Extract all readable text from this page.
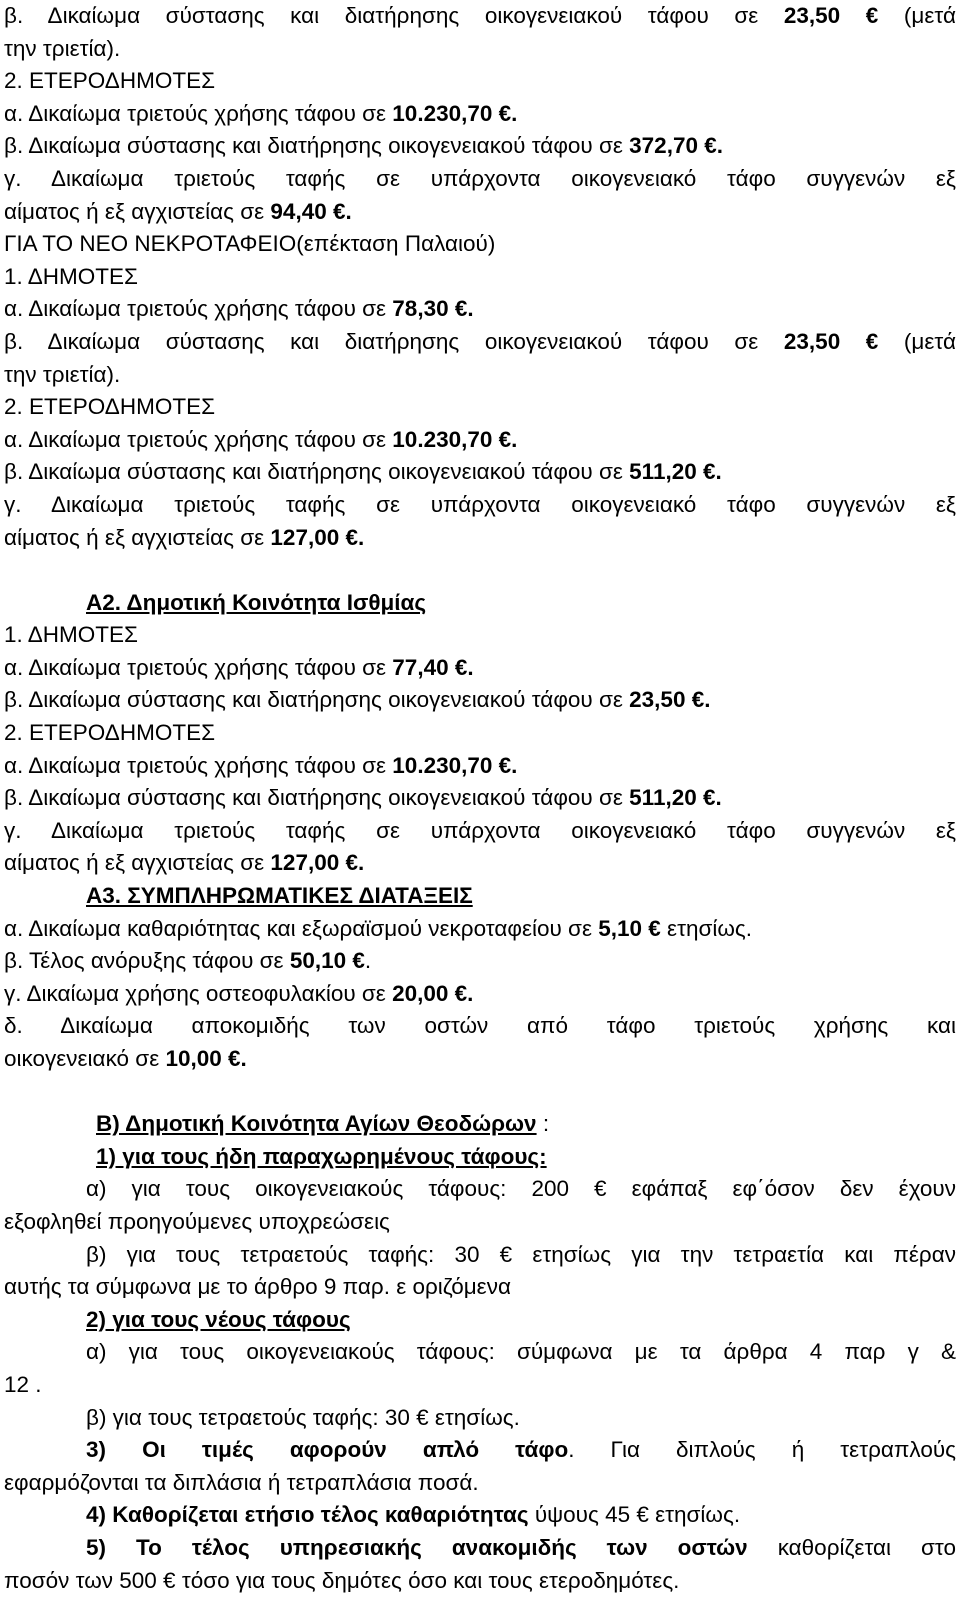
β. Δικαίωμα σύστασης και διατήρησης οικογενειακού τάφου σε 23,50 € (μετά
την τριετία).
2. ΕΤΕΡΟΔΗΜΟΤΕΣ
α. Δικαίωμα τριετούς χρήσης τάφου σε 10.230,70 €.
β. Δικαίωμα σύστασης και διατήρησης οικογενειακού τάφου σε 372,70 €.
γ. Δικαίωμα τριετούς ταφής σε υπάρχοντα οικογενειακό τάφο συγγενών εξ
αίματος ή εξ αγχιστείας σε 94,40 €.
ΓΙΑ ΤΟ ΝΕΟ ΝΕΚΡΟΤΑΦΕΙΟ(επέκταση Παλαιού)
1. ΔΗΜΟΤΕΣ
α. Δικαίωμα τριετούς χρήσης τάφου σε 78,30 €.
β. Δικαίωμα σύστασης και διατήρησης οικογενειακού τάφου σε 23,50 € (μετά
την τριετία).
2. ΕΤΕΡΟΔΗΜΟΤΕΣ
α. Δικαίωμα τριετούς χρήσης τάφου σε 10.230,70 €.
β. Δικαίωμα σύστασης και διατήρησης οικογενειακού τάφου σε 511,20 €.
γ. Δικαίωμα τριετούς ταφής σε υπάρχοντα οικογενειακό τάφο συγγενών εξ
αίματος ή εξ αγχιστείας σε 127,00 €.
Α2. Δημοτική Κοινότητα Ισθμίας
1. ΔΗΜΟΤΕΣ
α. Δικαίωμα τριετούς χρήσης τάφου σε 77,40 €.
β. Δικαίωμα σύστασης και διατήρησης οικογενειακού τάφου σε 23,50 €.
2. ΕΤΕΡΟΔΗΜΟΤΕΣ
α. Δικαίωμα τριετούς χρήσης τάφου σε 10.230,70 €.
β. Δικαίωμα σύστασης και διατήρησης οικογενειακού τάφου σε 511,20 €.
γ. Δικαίωμα τριετούς ταφής σε υπάρχοντα οικογενειακό τάφο συγγενών εξ
αίματος ή εξ αγχιστείας σε 127,00 €.
Α3. ΣΥΜΠΛΗΡΩΜΑΤΙΚΕΣ ΔΙΑΤΑΞΕΙΣ
α. Δικαίωμα καθαριότητας και εξωραϊσμού νεκροταφείου σε 5,10 € ετησίως.
β. Τέλος ανόρυξης τάφου σε 50,10 €.
γ. Δικαίωμα χρήσης οστεοφυλακίου σε 20,00 €.
δ. Δικαίωμα αποκομιδής των οστών από τάφο τριετούς χρήσης και
οικογενειακό σε 10,00 €.
Β) Δημοτική Κοινότητα Αγίων Θεοδώρων :
1) για τους ήδη παραχωρημένους τάφους:
α) για τους οικογενειακούς τάφους: 200 € εφάπαξ εφ΄όσον δεν έχουν
εξοφληθεί προηγούμενες υποχρεώσεις
β) για τους τετραετούς ταφής: 30 € ετησίως για την τετραετία και πέραν
αυτής τα σύμφωνα με το άρθρο 9 παρ. ε οριζόμενα
2) για τους νέους τάφους
α) για τους οικογενειακούς τάφους: σύμφωνα με τα άρθρα 4 παρ γ &
12 .
β) για τους τετραετούς ταφής: 30 € ετησίως.
3) Οι τιμές αφορούν απλό τάφο. Για διπλούς ή τετραπλούς
εφαρμόζονται τα διπλάσια ή τετραπλάσια ποσά.
4) Καθορίζεται ετήσιο τέλος καθαριότητας ύψους 45 € ετησίως.
5) Το τέλος υπηρεσιακής ανακομιδής των οστών καθορίζεται στο
ποσόν των 500 € τόσο για τους δημότες όσο και τους ετεροδημότες.
